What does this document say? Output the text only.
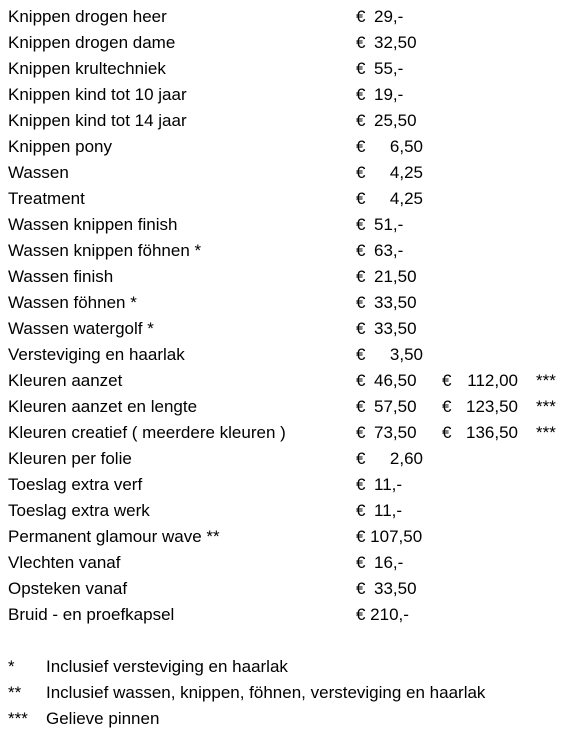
Knippen drogen heer	€ 29,-
Knippen drogen dame	€ 32,50
Knippen krultechniek	€ 55,-
Knippen kind tot 10 jaar	€ 19,-
Knippen kind tot 14 jaar	€ 25,50
Knippen pony	€	6,50
Wassen	€	4,25
Treatment	€	4,25
Wassen knippen finish	€ 51,-
Wassen knippen föhnen *	€ 63,-
Wassen finish	€ 21,50
Wassen föhnen *	€ 33,50
Wassen watergolf *	€ 33,50
Versteviging en haarlak	€	3,50
Kleuren aanzet	€ 46,50 € 112,00 ***
Kleuren aanzet en lengte	€ 57,50 € 123,50 ***
Kleuren creatief ( meerdere kleuren )	€ 73,50 € 136,50 ***
Kleuren per folie	€	2,60
Toeslag extra verf	€ 11,-
Toeslag extra werk	€ 11,-
Permanent glamour wave **	€ 107,50
Vlechten vanaf	€ 16,-
Opsteken vanaf	€ 33,50
Bruid - en proefkapsel	€ 210,-
* Inclusief versteviging en haarlak
** Inclusief wassen, knippen, föhnen, versteviging en haarlak
*** Gelieve pinnen
